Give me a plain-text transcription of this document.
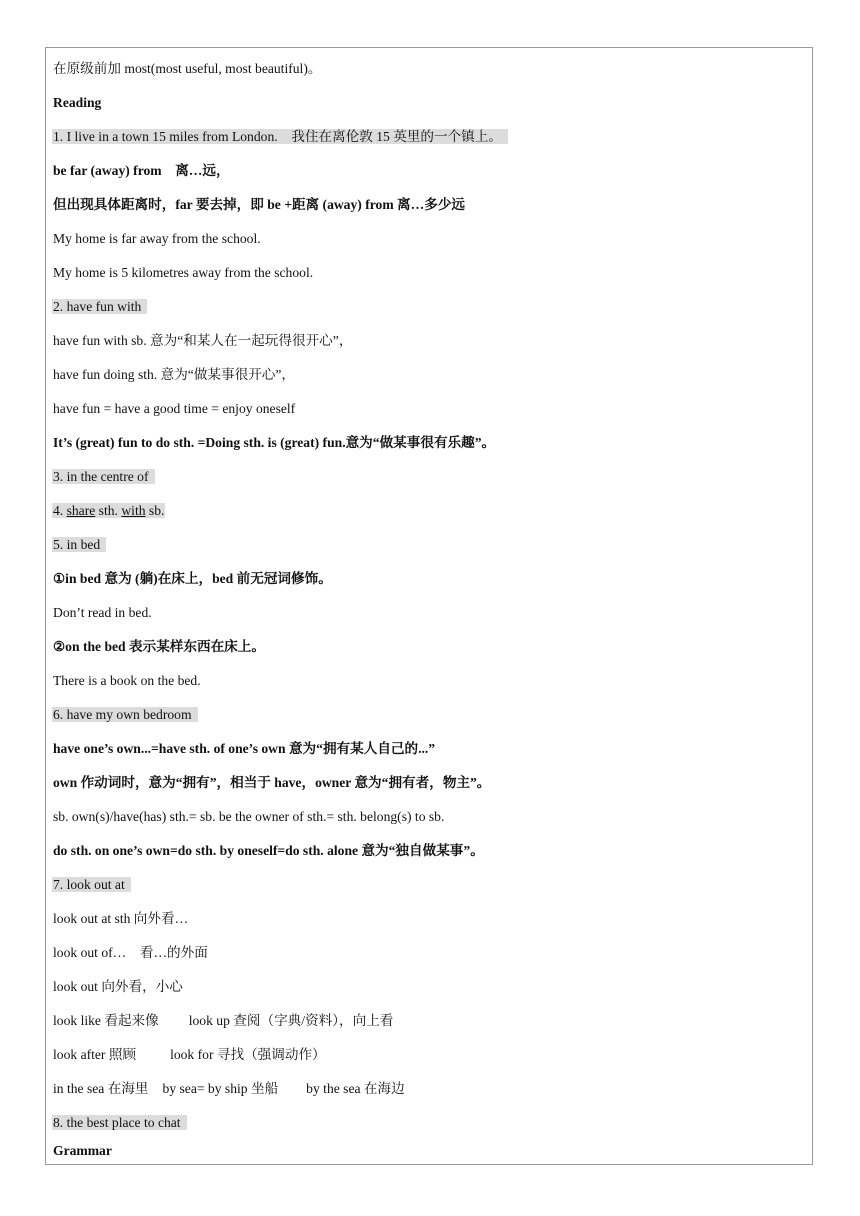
在原级前加 most(most useful, most beautiful)。
Reading
1. I live in a town 15 miles from London.　我住在离伦敦 15 英里的一个镇上。
be far (away) from　离…远，
但出现具体距离时，far 要去掉，即 be +距离 (away) from 离…多少远
My home is far away from the school.
My home is 5 kilometres away from the school.
2. have fun with
have fun with sb. 意为“和某人在一起玩得很开心”，
have fun doing sth. 意为“做某事很开心”，
have fun = have a good time = enjoy oneself
It’s (great) fun to do sth. =Doing sth. is (great) fun.意为“做某事很有乐趣”。
3. in the centre of
4. share sth. with sb.
5. in bed
①in bed 意为 (躺)在床上，bed 前无冠词修饰。
Don’t read in bed.
②on the bed 表示某样东西在床上。
There is a book on the bed.
6. have my own bedroom
have one’s own...=have sth. of one’s own 意为“拥有某人自己的...”
own 作动词时，意为“拥有”，相当于 have，owner 意为“拥有者，物主”。
sb. own(s)/have(has) sth.= sb. be the owner of sth.= sth. belong(s) to sb.
do sth. on one’s own=do sth. by oneself=do sth. alone 意为“独自做某事”。
7. look out at
look out at sth 向外看…
look out of…　看…的外面
look out 向外看，小心
look like 看起来像 look up 查阅（字典/资料），向上看
look after 照顾	look for 寻找（强调动作）
in the sea 在海里 by sea= by ship 坐船 by the sea 在海边
8. the best place to chat
Grammar
